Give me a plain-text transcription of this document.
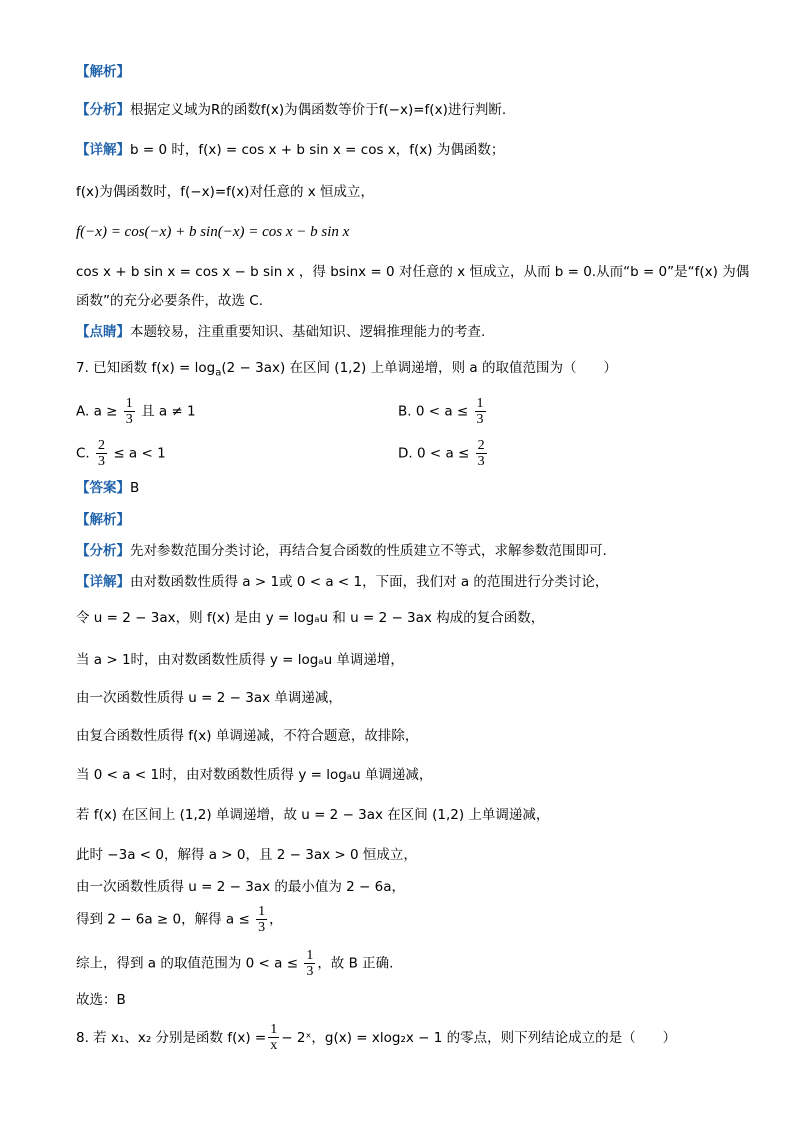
【解析】
【分析】根据定义域为R的函数f(x)为偶函数等价于f(−x)=f(x)进行判断.
【详解】b = 0 时，f(x) = cos x + b sin x = cos x，f(x) 为偶函数；
f(x)为偶函数时，f(−x)=f(x)对任意的 x 恒成立，
f(−x) = cos(−x) + b sin(−x) = cos x − b sin x
cos x + b sin x = cos x − b sin x ，得 bsinx = 0 对任意的 x 恒成立，从而 b = 0.从而“b = 0”是“f(x) 为偶
函数”的充分必要条件，故选 C.
【点睛】本题较易，注重重要知识、基础知识、逻辑推理能力的考查.
7. 已知函数 $f(x) = \log_a(2 - 3ax)$ 在区间 (1,2) 上单调递增，则 a 的取值范围为（　　）
A. $a \ge \frac{1}{3}$ 且 a ≠ 1	B. $0 < a \le \frac{1}{3}$
C. $\frac{2}{3} \le a < 1$	D. $0 < a \le \frac{2}{3}$
【答案】B
【解析】
【分析】先对参数范围分类讨论，再结合复合函数的性质建立不等式，求解参数范围即可.
【详解】由对数函数性质得 a > 1或 0 < a < 1，下面，我们对 a 的范围进行分类讨论，
令 u = 2 − 3ax，则 f(x) 是由 y = logₐu 和 u = 2 − 3ax 构成的复合函数，
当 a > 1时，由对数函数性质得 y = logₐu 单调递增，
由一次函数性质得 u = 2 − 3ax 单调递减，
由复合函数性质得 f(x) 单调递减，不符合题意，故排除，
当 0 < a < 1时，由对数函数性质得 y = logₐu 单调递减，
若 f(x) 在区间上 (1,2) 单调递增，故 u = 2 − 3ax 在区间 (1,2) 上单调递减，
此时 −3a < 0，解得 a > 0，且 2 − 3ax > 0 恒成立，
由一次函数性质得 u = 2 − 3ax 的最小值为 2 − 6a，
得到 2 − 6a ≥ 0，解得 $a \le \frac{1}{3}$ ，
综上，得到 a 的取值范围为 $0 < a \le \frac{1}{3}$ ，故 B 正确.
故选：B
8. 若 x₁、x₂ 分别是函数 $f(x) = \frac{1}{x}$ − 2ˣ，g(x) = xlog₂x − 1 的零点，则下列结论成立的是（　　）
